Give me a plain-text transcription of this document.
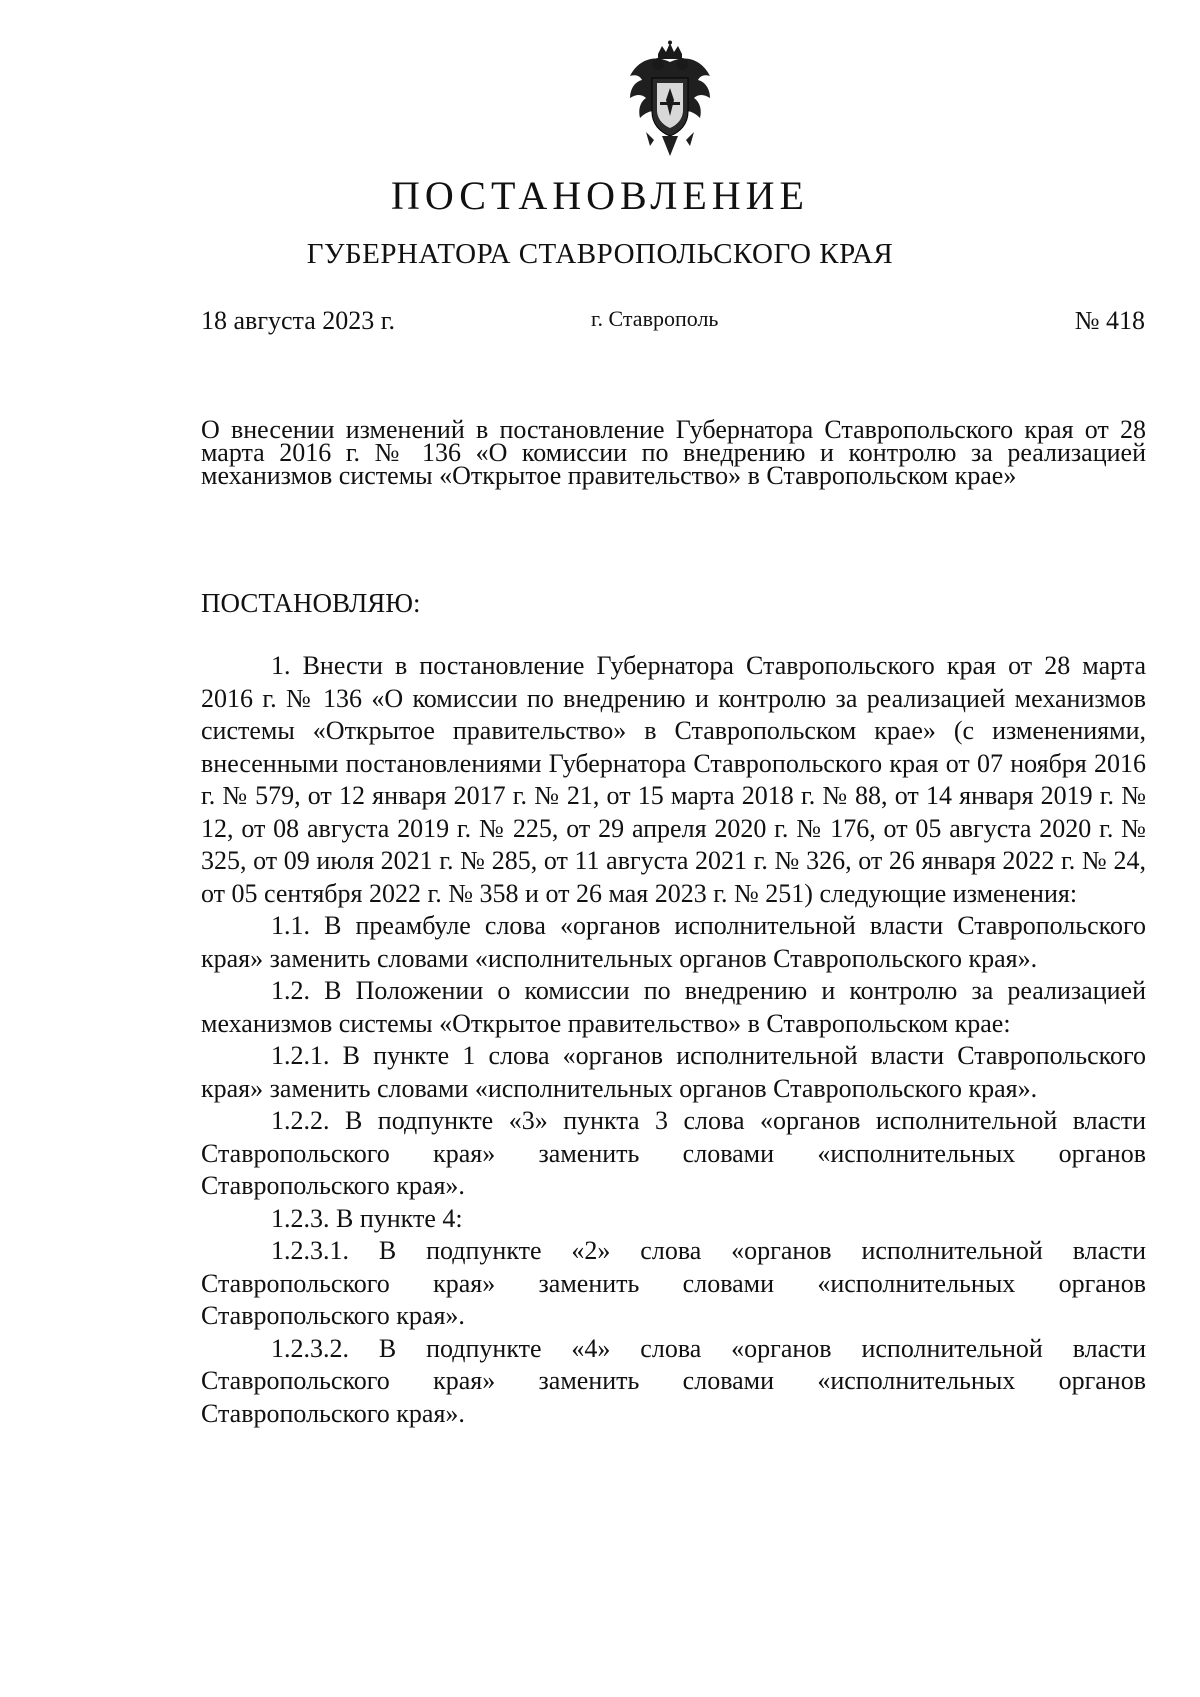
ПОСТАНОВЛЕНИЕ
ГУБЕРНАТОРА СТАВРОПОЛЬСКОГО КРАЯ
18 августа 2023 г.	г. Ставрополь	№ 418
О внесении изменений в постановление Губернатора Ставропольского края от 28 марта 2016 г. № 136 «О комиссии по внедрению и контролю за реализацией механизмов системы «Открытое правительство» в Ставропольском крае»
ПОСТАНОВЛЯЮ:

1. Внести в постановление Губернатора Ставропольского края от 28 марта 2016 г. № 136 «О комиссии по внедрению и контролю за реализацией механизмов системы «Открытое правительство» в Ставропольском крае» (с изменениями, внесенными постановлениями Губернатора Ставропольского края от 07 ноября 2016 г. № 579, от 12 января 2017 г. № 21, от 15 марта 2018 г. № 88, от 14 января 2019 г. № 12, от 08 августа 2019 г. № 225, от 29 апреля 2020 г. № 176, от 05 августа 2020 г. № 325, от 09 июля 2021 г. № 285, от 11 августа 2021 г. № 326, от 26 января 2022 г. № 24, от 05 сентября 2022 г. № 358 и от 26 мая 2023 г. № 251) следующие изменения:

1.1. В преамбуле слова «органов исполнительной власти Ставропольского края» заменить словами «исполнительных органов Ставропольского края».

1.2. В Положении о комиссии по внедрению и контролю за реализацией механизмов системы «Открытое правительство» в Ставропольском крае:

1.2.1. В пункте 1 слова «органов исполнительной власти Ставропольского края» заменить словами «исполнительных органов Ставропольского края».

1.2.2. В подпункте «3» пункта 3 слова «органов исполнительной власти Ставропольского края» заменить словами «исполнительных органов Ставропольского края».

1.2.3. В пункте 4:

1.2.3.1. В подпункте «2» слова «органов исполнительной власти Ставропольского края» заменить словами «исполнительных органов Ставропольского края».

1.2.3.2. В подпункте «4» слова «органов исполнительной власти Ставропольского края» заменить словами «исполнительных органов Ставропольского края».
